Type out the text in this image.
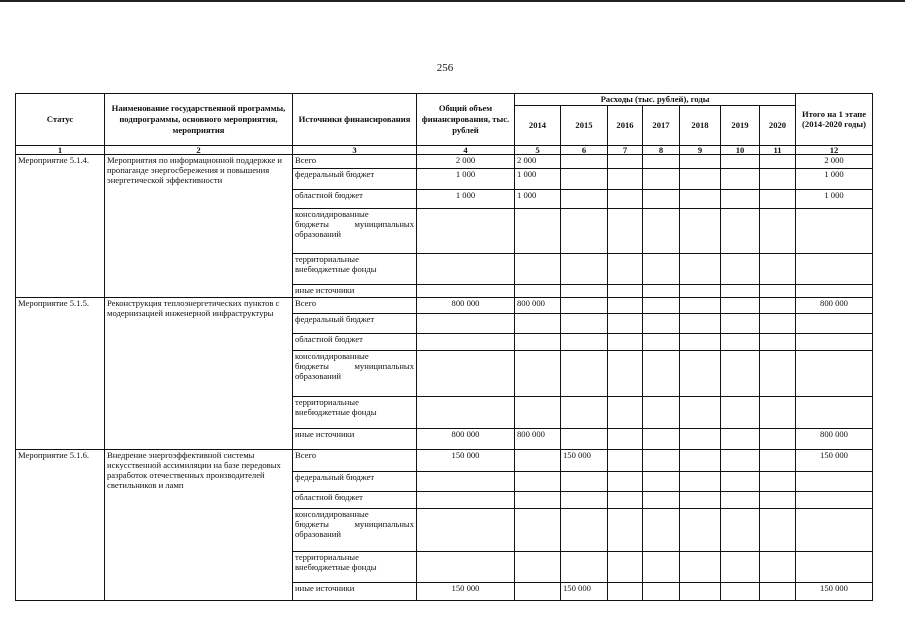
256
Статус	Наименование государственной программы, подпрограммы, основного мероприятия, мероприятия	Источники финансирования	Общий объем финансирования, тыс. рублей	Расходы (тыс. рублей), годы							Итого на 1 этапе (2014-2020 годы)
				2014	2015	2016	2017	2018	2019	2020	
1	2	3	4	5	6	7	8	9	10	11	12
Мероприятие 5.1.4.	Мероприятия по информационной поддержке и пропаганде энергосбережения и повышения энергетической эффективности	Всего	2 000	2 000							2 000
		федеральный бюджет	1 000	1 000							1 000
		областной бюджет	1 000	1 000							1 000

		консолидированные
бюджеты муниципальных
образований									

		территориальные
внебюджетные фонды									

		иные источники									
Мероприятие 5.1.5.	Реконструкция теплоэнергетических пунктов с модернизацией инженерной инфраструктуры	Всего	800 000	800 000							800 000
		федеральный бюджет									
		областной бюджет									

		консолидированные
бюджеты муниципальных
образований									

		территориальные
внебюджетные фонды									

		иные источники	800 000	800 000							800 000
Мероприятие 5.1.6.	Внедрение энергоэффективной системы искусственной ассимиляции на базе передовых разработок отечественных производителей светильников и ламп	Всего	150 000		150 000						150 000
		федеральный бюджет									
		областной бюджет									

		консолидированные
бюджеты муниципальных
образований									

		территориальные
внебюджетные фонды									

		иные источники	150 000		150 000						150 000
